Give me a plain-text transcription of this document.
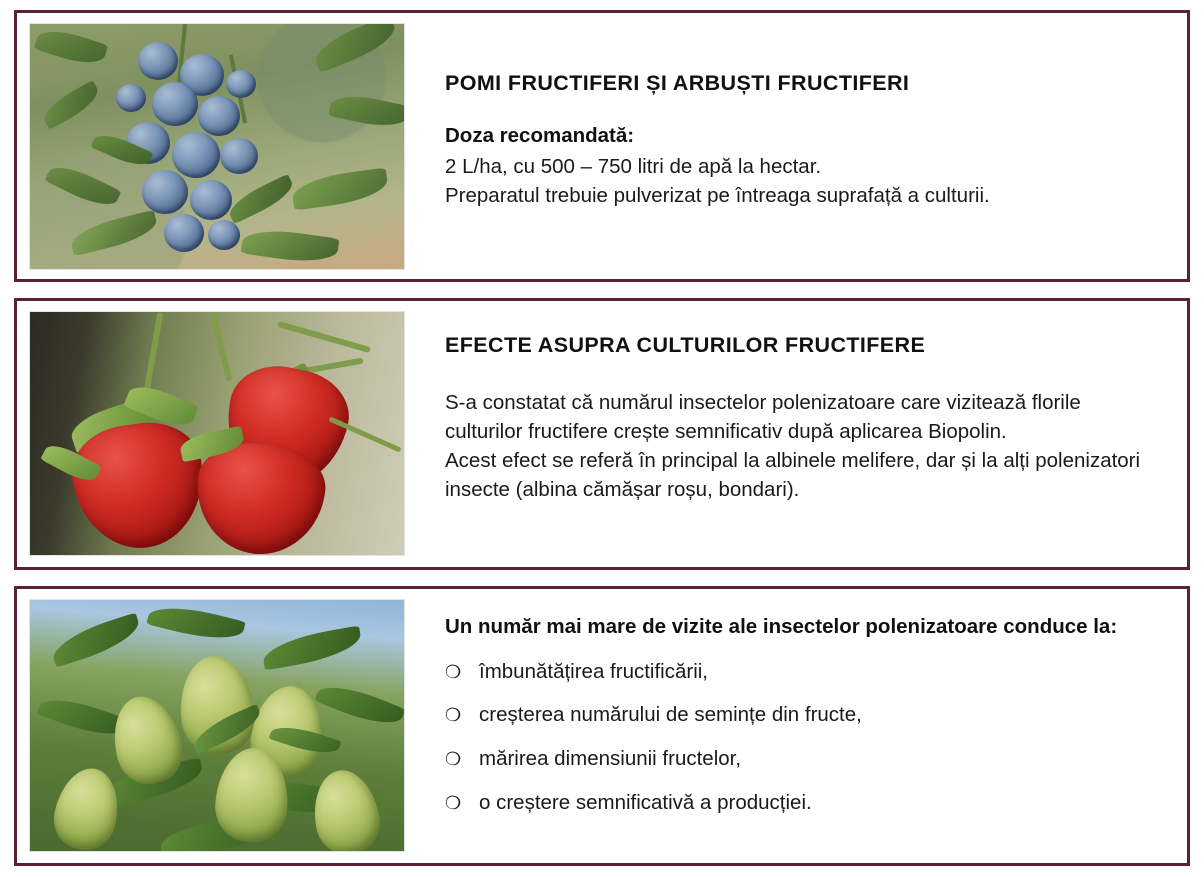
POMI FRUCTIFERI ȘI ARBUȘTI FRUCTIFERI

Doza recomandată:

2 L/ha, cu 500 – 750 litri de apă la hectar.

Preparatul trebuie pulverizat pe întreaga suprafață a culturii.

EFECTE ASUPRA CULTURILOR FRUCTIFERE

S-a constatat că numărul insectelor polenizatoare care vizitează florile culturilor fructifere crește semnificativ după aplicarea Biopolin.

Acest efect se referă în principal la albinele melifere, dar și la alți polenizatori insecte (albina cămășar roșu, bondari).

Un număr mai mare de vizite ale insectelor polenizatoare conduce la:

❍ îmbunătățirea fructificării,
❍ creșterea numărului de semințe din fructe,
❍ mărirea dimensiunii fructelor,
❍ o creștere semnificativă a producției.
